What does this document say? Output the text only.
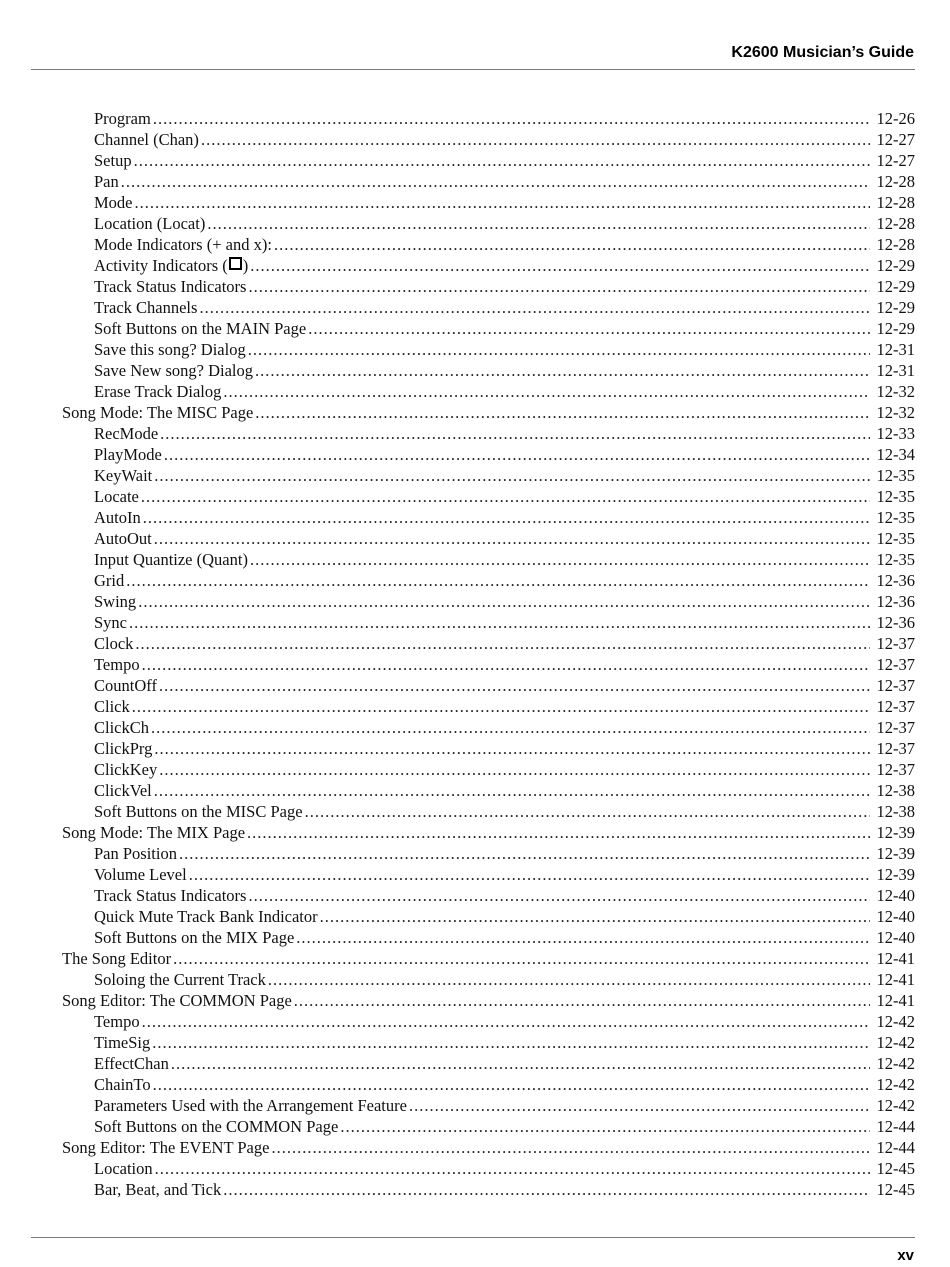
K2600 Musician’s Guide
Program .....	12-26
Channel (Chan) .....	12-27
Setup .....	12-27
Pan .....	12-28
Mode .....	12-28
Location (Locat) .....	12-28
Mode Indicators (+ and x): .....	12-28
Activity Indicators ( ) .....	12-29
Track Status Indicators .....	12-29
Track Channels .....	12-29
Soft Buttons on the MAIN Page .....	12-29
Save this song? Dialog .....	12-31
Save New song? Dialog .....	12-31
Erase Track Dialog .....	12-32
Song Mode: The MISC Page .....	12-32
RecMode .....	12-33
PlayMode .....	12-34
KeyWait .....	12-35
Locate .....	12-35
AutoIn .....	12-35
AutoOut .....	12-35
Input Quantize (Quant) .....	12-35
Grid .....	12-36
Swing .....	12-36
Sync .....	12-36
Clock .....	12-37
Tempo .....	12-37
CountOff .....	12-37
Click .....	12-37
ClickCh .....	12-37
ClickPrg .....	12-37
ClickKey .....	12-37
ClickVel .....	12-38
Soft Buttons on the MISC Page .....	12-38
Song Mode: The MIX Page .....	12-39
Pan Position .....	12-39
Volume Level .....	12-39
Track Status Indicators .....	12-40
Quick Mute Track Bank Indicator .....	12-40
Soft Buttons on the MIX Page .....	12-40
The Song Editor .....	12-41
Soloing the Current Track .....	12-41
Song Editor: The COMMON Page .....	12-41
Tempo .....	12-42
TimeSig .....	12-42
EffectChan .....	12-42
ChainTo .....	12-42
Parameters Used with the Arrangement Feature .....	12-42
Soft Buttons on the COMMON Page .....	12-44
Song Editor: The EVENT Page .....	12-44
Location .....	12-45
Bar, Beat, and Tick .....	12-45
xv
